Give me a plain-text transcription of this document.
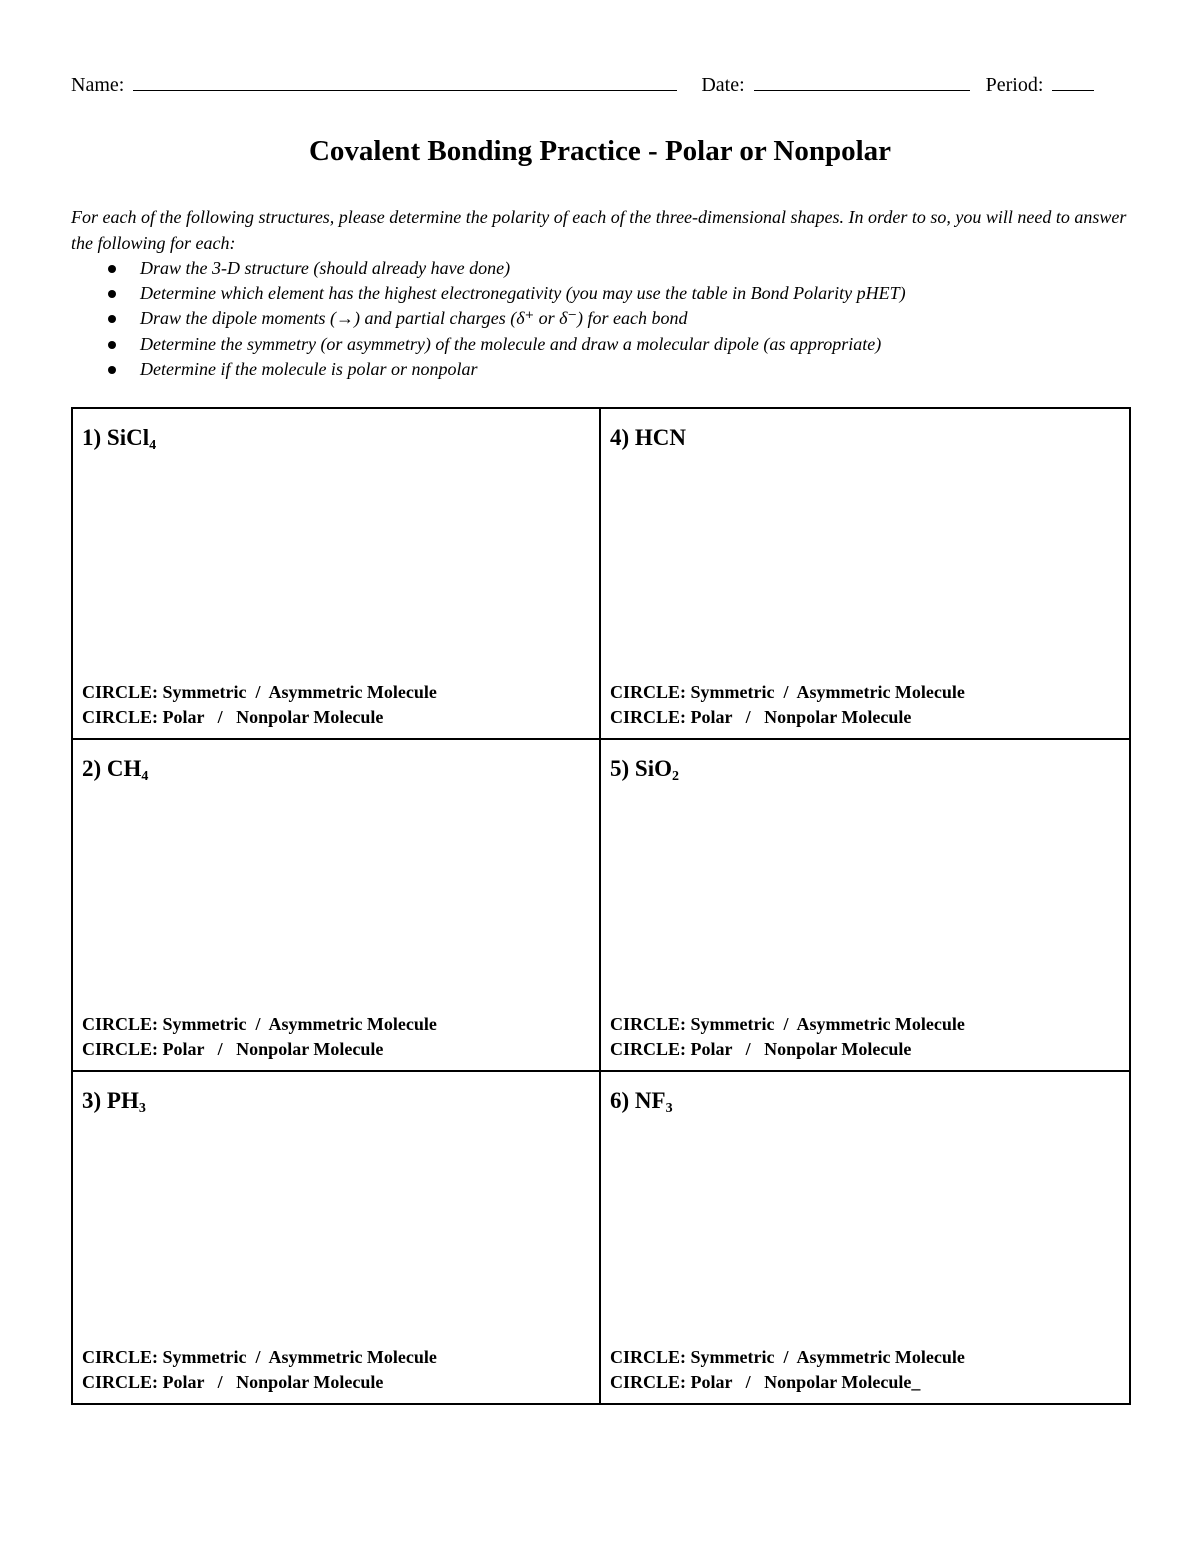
Name:	Date:	Period:
Covalent Bonding Practice - Polar or Nonpolar
For each of the following structures, please determine the polarity of each of the three-dimensional shapes. In order to so, you will need to answer the following for each:
Draw the 3-D structure (should already have done)
Determine which element has the highest electronegativity (you may use the table in Bond Polarity pHET)
Draw the dipole moments (→) and partial charges (δ⁺ or δ⁻) for each bond
Determine the symmetry (or asymmetry) of the molecule and draw a molecular dipole (as appropriate)
Determine if the molecule is polar or nonpolar
1) SiCl$_4$
CIRCLE: Symmetric  /  Asymmetric Molecule
CIRCLE: Polar   /   Nonpolar Molecule
4) HCN
CIRCLE: Symmetric  /  Asymmetric Molecule
CIRCLE: Polar   /   Nonpolar Molecule
2) $CH_4$
CIRCLE: Symmetric  /  Asymmetric Molecule
CIRCLE: Polar   /   Nonpolar Molecule
5) SiO$_2$
CIRCLE: Symmetric  /  Asymmetric Molecule
CIRCLE: Polar   /   Nonpolar Molecule
3) $PH_3$
CIRCLE: Symmetric  /  Asymmetric Molecule
CIRCLE: Polar   /   Nonpolar Molecule
6) $NF_3$
CIRCLE: Symmetric  /  Asymmetric Molecule
CIRCLE: Polar   /   Nonpolar Molecule_
